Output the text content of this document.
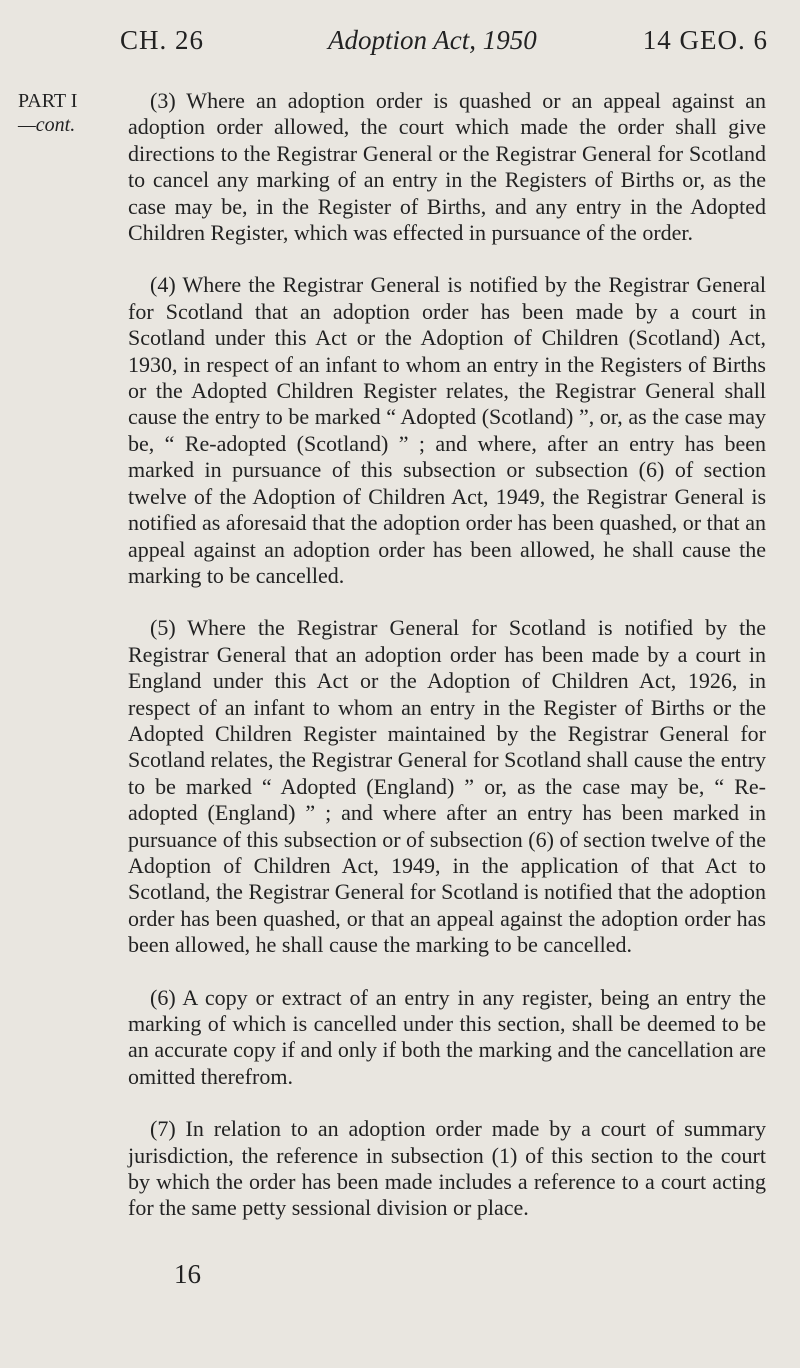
CH. 26	Adoption Act, 1950	14 GEO. 6
PART I
—cont.

(3) Where an adoption order is quashed or an appeal against an adoption order allowed, the court which made the order shall give directions to the Registrar General or the Registrar General for Scotland to cancel any marking of an entry in the Registers of Births or, as the case may be, in the Register of Births, and any entry in the Adopted Children Register, which was effected in pursuance of the order.

(4) Where the Registrar General is notified by the Registrar General for Scotland that an adoption order has been made by a court in Scotland under this Act or the Adoption of Children (Scotland) Act, 1930, in respect of an infant to whom an entry in the Registers of Births or the Adopted Children Register relates, the Registrar General shall cause the entry to be marked “ Adopted (Scotland) ”, or, as the case may be, “ Re-adopted (Scotland) ” ; and where, after an entry has been marked in pursuance of this subsection or subsection (6) of section twelve of the Adoption of Children Act, 1949, the Registrar General is notified as aforesaid that the adoption order has been quashed, or that an appeal against an adoption order has been allowed, he shall cause the marking to be cancelled.

(5) Where the Registrar General for Scotland is notified by the Registrar General that an adoption order has been made by a court in England under this Act or the Adoption of Children Act, 1926, in respect of an infant to whom an entry in the Register of Births or the Adopted Children Register maintained by the Registrar General for Scotland relates, the Registrar General for Scotland shall cause the entry to be marked “ Adopted (England) ” or, as the case may be, “ Re-adopted (England) ” ; and where after an entry has been marked in pursuance of this subsection or of subsection (6) of section twelve of the Adoption of Children Act, 1949, in the application of that Act to Scotland, the Registrar General for Scotland is notified that the adoption order has been quashed, or that an appeal against the adoption order has been allowed, he shall cause the marking to be cancelled.

(6) A copy or extract of an entry in any register, being an entry the marking of which is cancelled under this section, shall be deemed to be an accurate copy if and only if both the marking and the cancellation are omitted therefrom.

(7) In relation to an adoption order made by a court of summary jurisdiction, the reference in subsection (1) of this section to the court by which the order has been made includes a reference to a court acting for the same petty sessional division or place.

16
